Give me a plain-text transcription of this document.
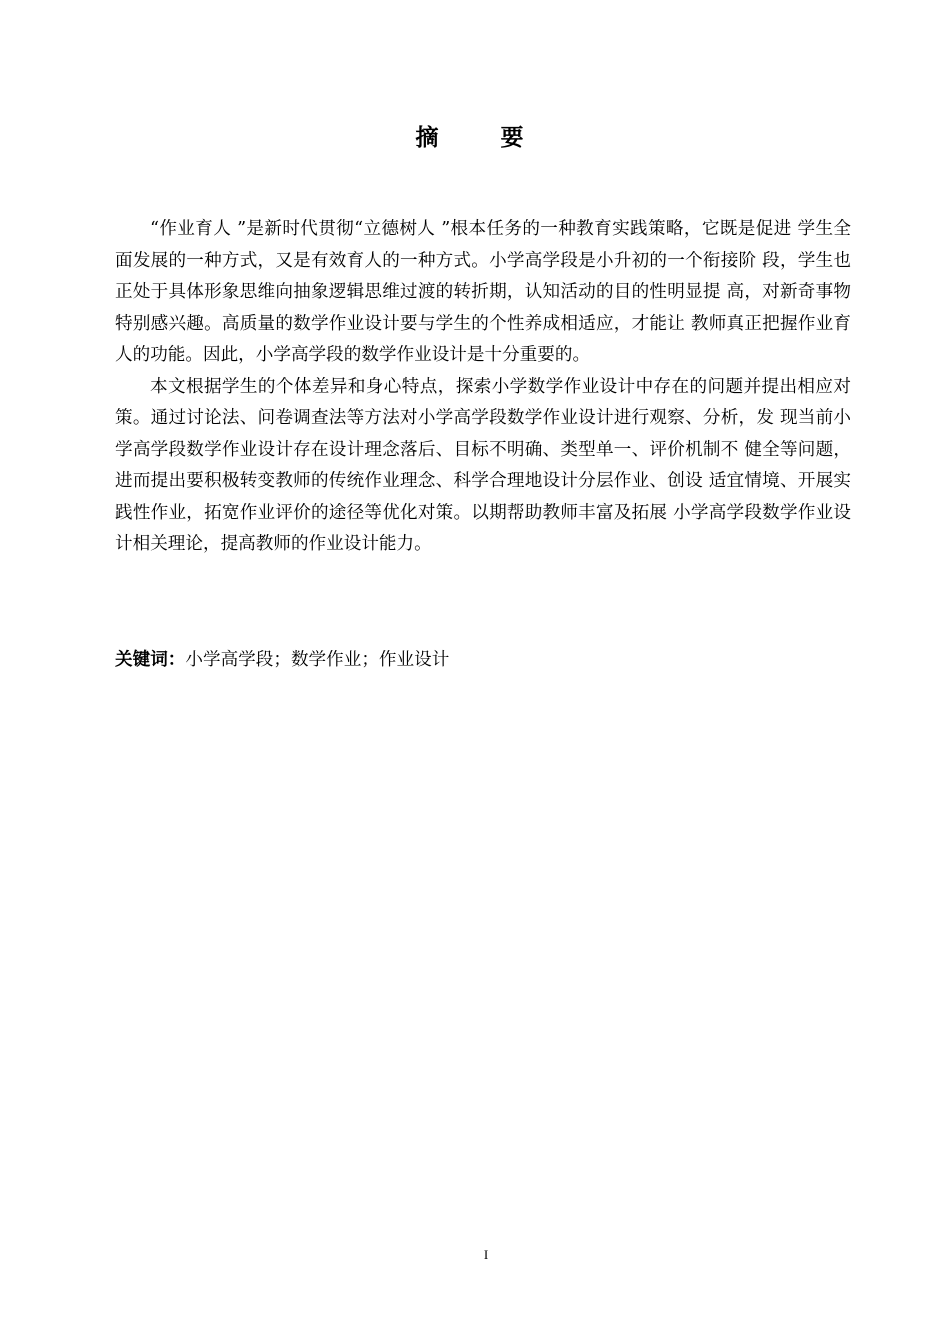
摘 要

“作业育人 ”是新时代贯彻“立德树人 ”根本任务的一种教育实践策略，它既是促进 学生全面发展的一种方式，又是有效育人的一种方式。小学高学段是小升初的一个衔接阶 段，学生也正处于具体形象思维向抽象逻辑思维过渡的转折期，认知活动的目的性明显提 高，对新奇事物特别感兴趣。高质量的数学作业设计要与学生的个性养成相适应，才能让 教师真正把握作业育人的功能。因此，小学高学段的数学作业设计是十分重要的。

本文根据学生的个体差异和身心特点，探索小学数学作业设计中存在的问题并提出相应对策。通过讨论法、问卷调查法等方法对小学高学段数学作业设计进行观察、分析，发 现当前小学高学段数学作业设计存在设计理念落后、目标不明确、类型单一、评价机制不 健全等问题，进而提出要积极转变教师的传统作业理念、科学合理地设计分层作业、创设 适宜情境、开展实践性作业，拓宽作业评价的途径等优化对策。以期帮助教师丰富及拓展 小学高学段数学作业设计相关理论，提高教师的作业设计能力。

关键词：小学高学段；数学作业；作业设计
I
